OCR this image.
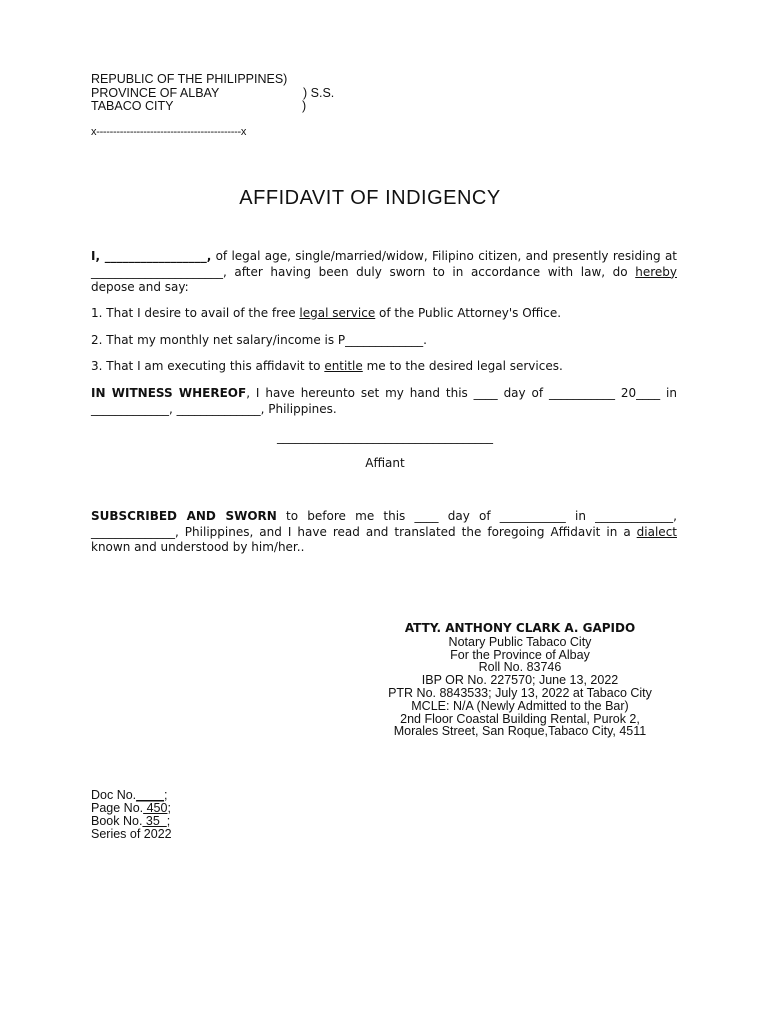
REPUBLIC OF THE PHILIPPINES)
PROVINCE OF ALBAY	) S.S.
TABACO CITY	)
x-------------------------------------------x
AFFIDAVIT OF INDIGENCY
I, _________________, of legal age, single/married/widow, Filipino citizen, and presently residing at ______________________, after having been duly sworn to in accordance with law, do hereby depose and say:
1. That I desire to avail of the free legal service of the Public Attorney's Office.
2. That my monthly net salary/income is P_____________.
3. That I am executing this affidavit to entitle me to the desired legal services.
IN WITNESS WHEREOF, I have hereunto set my hand this ____ day of ___________ 20____ in _____________, ______________, Philippines.
____________________________________
Affiant
SUBSCRIBED AND SWORN to before me this ____ day of ___________ in _____________, ______________, Philippines, and I have read and translated the foregoing Affidavit in a dialect known and understood by him/her..
ATTY. ANTHONY CLARK A. GAPIDO
Notary Public Tabaco City
For the Province of Albay
Roll No. 83746
IBP OR No. 227570; June 13, 2022
PTR No. 8843533; July 13, 2022 at Tabaco City
MCLE: N/A (Newly Admitted to the Bar)
2nd Floor Coastal Building Rental, Purok 2,
Morales Street, San Roque,Tabaco City, 4511
Doc No.____;
Page No. 450;
Book No. 35  ;
Series of 2022
